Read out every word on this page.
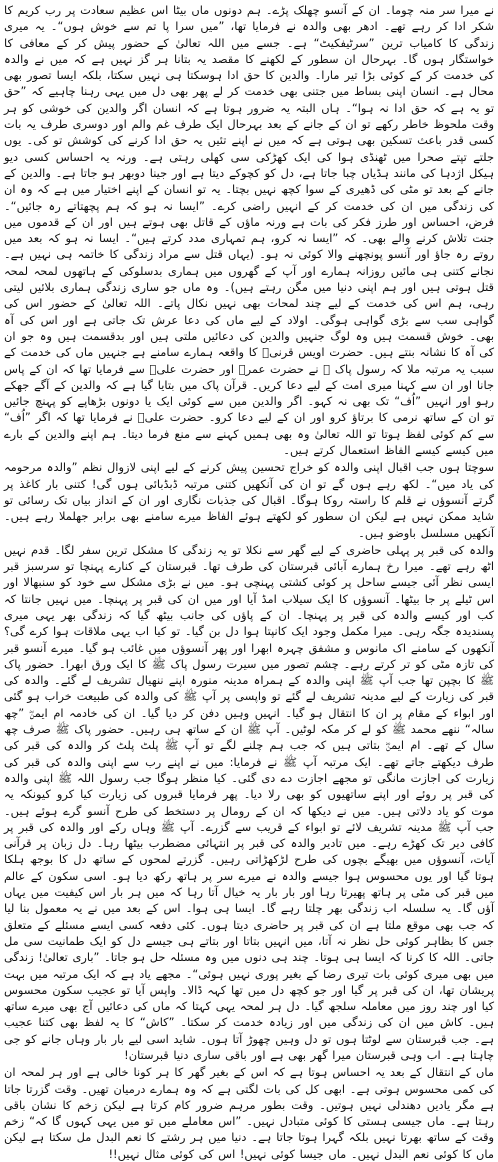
نے میرا سر منہ چوما۔ ان کے آنسو چھلک پڑے۔ ہم دونوں ماں بیٹا اس عظیم سعادت پر رب کریم کا شکر ادا کر رہے تھے۔ ادھر بھی والدہ نے فرمایا تھا، ”میں سرا پا تم سے خوش ہوں“۔ یہ میری زندگی کا کامیاب ترین ”سرٹیفکیٹ“ ہے۔ جسے میں اللہ تعالیٰ کے حضور پیش کر کے معافی کا خواستگار ہوں گا۔ بہرحال ان سطور کے لکھنے کا مقصد یہ بتانا ہر گز نہیں ہے کہ میں نے والدہ کی خدمت کر کے کوئی بڑا تیر مارا۔ والدین کا حق ادا ہوسکتا ہی نہیں سکتا، بلکہ ایسا تصور بھی محال ہے۔ انسان اپنی بساط میں جتنی بھی خدمت کر لے پھر بھی دل میں یہی رہنا چاہیے کہ ”حق تو یہ ہے کہ حق ادا نہ ہوا“۔ ہاں البتہ یہ ضرور ہوتا ہے کہ انسان اگر والدین کی خوشی کو ہر وقت ملحوظ خاطر رکھے تو ان کے جانے کے بعد بہرحال ایک طرف غم والم اور دوسری طرف یہ بات کسی قدر باعث تسکین بھی ہوتی ہے کہ میں نے اپنے تئیں یہ حق ادا کرنے کی کوشش تو کی۔ یوں جلتے تپتے صحرا میں ٹھنڈی ہوا کی ایک کھڑکی سی کھلی رہتی ہے۔ ورنہ یہ احساس کسی دیو ہیکل اژدہا کی مانند ہڈیاں چبا جاتا ہے، دل کو کچوکے دیتا ہے اور جینا دوبھر ہو جاتا ہے۔ والدین کے جانے کے بعد تو مٹی کی ڈھیری کے سوا کچھ نہیں بچتا۔ یہ تو انسان کے اپنے اختیار میں ہے کہ وہ ان کی زندگی میں ان کی خدمت کر کے انہیں راضی کرے۔ ”ایسا نہ ہو کہ ہم پچھتاتے رہ جائیں“۔ فرض، احساس اور طرز فکر کی بات ہے ورنہ ماؤں کے قاتل بھی ہوتے ہیں اور ان کے قدموں میں جنت تلاش کرنے والے بھی۔ کہ ”ایسا نہ کرو، ہم تمہاری مدد کرتے ہیں“۔ ایسا نہ ہو کہ بعد میں روتے رہ جاؤ اور آنسو پونچھنے والا کوئی نہ ہو۔ (یہاں قتل سے مراد زندگی کا خاتمہ ہی نہیں ہے۔ نجانے کتنی ہی مائیں روزانہ ہمارے اور آپ کے گھروں میں ہماری بدسلوکی کے ہاتھوں لمحہ لمحہ قتل ہوتی ہیں اور ہم اپنی دنیا میں مگن رہتے ہیں)۔ وہ ماں جو ساری زندگی ہماری بلائیں لیتی رہی، ہم اس کی خدمت کے لیے چند لمحات بھی نہیں نکال پاتے۔ اللہ تعالیٰ کے حضور اس کی گواہی سب سے بڑی گواہی ہوگی۔ اولاد کے لیے ماں کی دعا عرش تک جاتی ہے اور اس کی آہ بھی۔ خوش قسمت ہیں وہ لوگ جنہیں والدین کی دعائیں ملتی ہیں اور بدقسمت ہیں وہ جو ان کی آہ کا نشانہ بنتے ہیں۔ حضرت اویس قرنیؓ کا واقعہ ہمارے سامنے ہے جنہیں ماں کی خدمت کے سبب یہ مرتبہ ملا کہ رسول پاک ﷺ نے حضرت عمرؓ اور حضرت علیؓ سے فرمایا تھا کہ ان کے پاس جانا اور ان سے کہنا میری امت کے لیے دعا کریں۔ قرآن پاک میں بتایا گیا ہے کہ والدین کے آگے جھکے رہو اور انہیں ”اُف“ تک بھی نہ کہو۔ اگر والدین میں سے کوئی ایک یا دونوں بڑھاپے کو پہنچ جائیں تو ان کے ساتھ نرمی کا برتاؤ کرو اور ان کے لیے دعا کرو۔ حضرت علیؓ نے فرمایا تھا کہ اگر ”اُف“ سے کم کوئی لفظ ہوتا تو اللہ تعالیٰ وہ بھی ہمیں کہنے سے منع فرما دیتا۔ ہم اپنے والدین کے بارے میں کیسے کیسے الفاظ استعمال کرتے ہیں۔

سوچتا ہوں جب اقبال اپنی والدہ کو خراج تحسین پیش کرنے کے لیے اپنی لازوال نظم ”والدہ مرحومہ کی یاد میں“۔ لکھ رہے ہوں گے تو ان کی آنکھیں کتنی مرتبہ ڈبڈبائی ہوں گی! کتنی بار کاغذ پر گرتے آنسوؤں نے قلم کا راستہ روکا ہوگا۔ اقبال کی جذبات نگاری اور ان کے انداز بیاں تک رسائی تو شاید ممکن نہیں ہے لیکن ان سطور کو لکھتے ہوئے الفاظ میرے سامنے بھی برابر جھلملا رہے ہیں۔ آنکھیں مسلسل باوضو ہیں۔

والدہ کی قبر پر پہلی حاضری کے لیے گھر سے نکلا تو یہ زندگی کا مشکل ترین سفر لگا۔ قدم نہیں اٹھ رہے تھے۔ میرا رخ ہمارے آبائی قبرستان کی طرف تھا۔ قبرستان کے کنارے پہنچا تو سرسبز قبر ایسی نظر آئی جیسے ساحل پر کوئی کشتی پہنچی ہو۔ میں نے بڑی مشکل سے خود کو سنبھالا اور اس ٹیلے پر جا بیٹھا۔ آنسوؤں کا ایک سیلاب امڈ آیا اور میں ان کی قبر پر پہنچا۔ میں نہیں جانتا کہ کب اور کیسے والدہ کی قبر پر پہنچا۔ ان کے پاؤں کی جانب بیٹھ گیا کہ زندگی بھر یہی میری پسندیدہ جگہ رہی۔ میرا مکمل وجود ایک کانپتا ہوا دل بن گیا۔ تو کیا اب یہی ملاقات ہوا کرے گی؟ آنکھوں کے سامنے اک مانوس و مشفق چہرہ ابھرا اور پھر آنسوؤں میں غائب ہو گیا۔ میرے آنسو قبر کی تازہ مٹی کو تر کرتے رہے۔ چشم تصور میں سیرت رسول پاک ﷺ کا ایک ورق ابھرا۔ حضور پاک ﷺ کا بچپن تھا جب آپ ﷺ اپنی والدہ کے ہمراہ مدینہ منورہ اپنے ننھیال تشریف لے گئے۔ والدہ کی قبر کی زیارت کے لیے مدینہ تشریف لے گئے تو واپسی پر آپ ﷺ کی والدہ کی طبیعت خراب ہو گئی اور ابواء کے مقام پر ان کا انتقال ہو گیا۔ انہیں وہیں دفن کر دیا گیا۔ ان کی خادمہ ام ایمنؓ ”چھ سالہ“ ننھے محمد ﷺ کو لے کر مکہ لوٹیں۔ آپ ﷺ ان کے ساتھ ہی رہیں۔ حضور پاک ﷺ صرف چھ سال کے تھے۔ ام ایمنؓ بتاتی ہیں کہ جب ہم چلنے لگے تو آپ ﷺ پلٹ پلٹ کر والدہ کی قبر کی طرف دیکھتے جاتے تھے۔ ایک مرتبہ آپ ﷺ نے فرمایا: میں نے اپنے رب سے اپنی والدہ کی قبر کی زیارت کی اجازت مانگی تو مجھے اجازت دے دی گئی۔ کیا منظر ہوگا جب رسول اللہ ﷺ اپنی والدہ کی قبر پر روئے اور اپنے ساتھیوں کو بھی رلا دیا۔ پھر فرمایا قبروں کی زیارت کیا کرو کیونکہ یہ موت کو یاد دلاتی ہیں۔ میں نے دیکھا کہ ان کے رومال پر دستخط کی طرح آنسو گرے ہوئے ہیں۔ جب آپ ﷺ مدینہ تشریف لائے تو ابواء کے قریب سے گزرے۔ آپ ﷺ وہاں رکے اور والدہ کی قبر پر کافی دیر تک کھڑے رہے۔ میں تادیر والدہ کی قبر پر انتہائی مضطرب بیٹھا رہا۔ دل زبان پر قرآنی آیات، آنسوؤں میں بھیگے بچوں کی طرح لڑکھڑاتی رہیں۔ گزرتے لمحوں کے ساتھ دل کا بوجھ ہلکا ہوتا گیا اور یوں محسوس ہوا جیسے والدہ نے میرے سر پر ہاتھ رکھ دیا ہو۔ اسی سکون کے عالم میں قبر کی مٹی پر ہاتھ پھیرتا رہا اور بار بار یہ خیال آتا رہا کہ میں ہر بار اس کیفیت میں یہاں آؤں گا۔ یہ سلسلہ اب زندگی بھر چلتا رہے گا۔ ایسا ہی ہوا۔ اس کے بعد میں نے یہ معمول بنا لیا کہ جب بھی موقع ملتا ہے ان کی قبر پر حاضری دیتا ہوں۔ کئی دفعہ کسی ایسے مسئلے کے متعلق جس کا بظاہر کوئی حل نظر نہ آتا، میں انہیں بتاتا اور بتاتے ہی جیسے دل کو ایک طمانیت سی مل جاتی۔ اللہ کا کرنا کہ ایسا ہی ہوتا۔ چند ہی دنوں میں وہ مسئلہ حل ہو جاتا۔ ”باری تعالیٰ! زندگی میں بھی میری کوئی بات تیری رضا کے بغیر پوری نہیں ہوئی“۔ مجھے یاد ہے کہ ایک مرتبہ میں بہت پریشان تھا، ان کی قبر پر گیا اور جو کچھ دل میں تھا کہہ ڈالا۔ واپس آیا تو عجیب سکون محسوس کیا اور چند روز میں معاملہ سلجھ گیا۔ دل ہر لمحہ یہی کہتا کہ ماں کی دعائیں آج بھی میرے ساتھ ہیں۔ کاش میں ان کی زندگی میں اور زیادہ خدمت کر سکتا۔ ”کاش“ کا یہ لفظ بھی کتنا عجیب ہے۔ جب قبرستان سے لوٹتا ہوں تو دل وہیں چھوڑ آتا ہوں۔ شاید اسی لیے بار بار وہاں جانے کو جی چاہتا ہے۔ اب وہی قبرستان میرا گھر بھی ہے اور باقی ساری دنیا قبرستان!

ماں کے انتقال کے بعد یہ احساس ہوتا ہے کہ اس کے بغیر گھر کا ہر کونا خالی ہے اور ہر لمحہ ان کی کمی محسوس ہوتی ہے۔ ابھی کل کی بات لگتی ہے کہ وہ ہمارے درمیان تھیں۔ وقت گزرتا جاتا ہے مگر یادیں دھندلی نہیں ہوتیں۔ وقت بطور مرہم ضرور کام کرتا ہے لیکن زخم کا نشان باقی رہتا ہے۔ ماں جیسی ہستی کا کوئی متبادل نہیں۔ ”اس معاملے میں تو میں یہی کہوں گا کہ“ زخم وقت کے ساتھ بھرتا نہیں بلکہ گہرا ہوتا جاتا ہے۔ دنیا میں ہر رشتے کا نعم البدل مل سکتا ہے لیکن ماں کا کوئی نعم البدل نہیں۔ ماں جیسا کوئی نہیں! اس کی کوئی مثال نہیں!!
